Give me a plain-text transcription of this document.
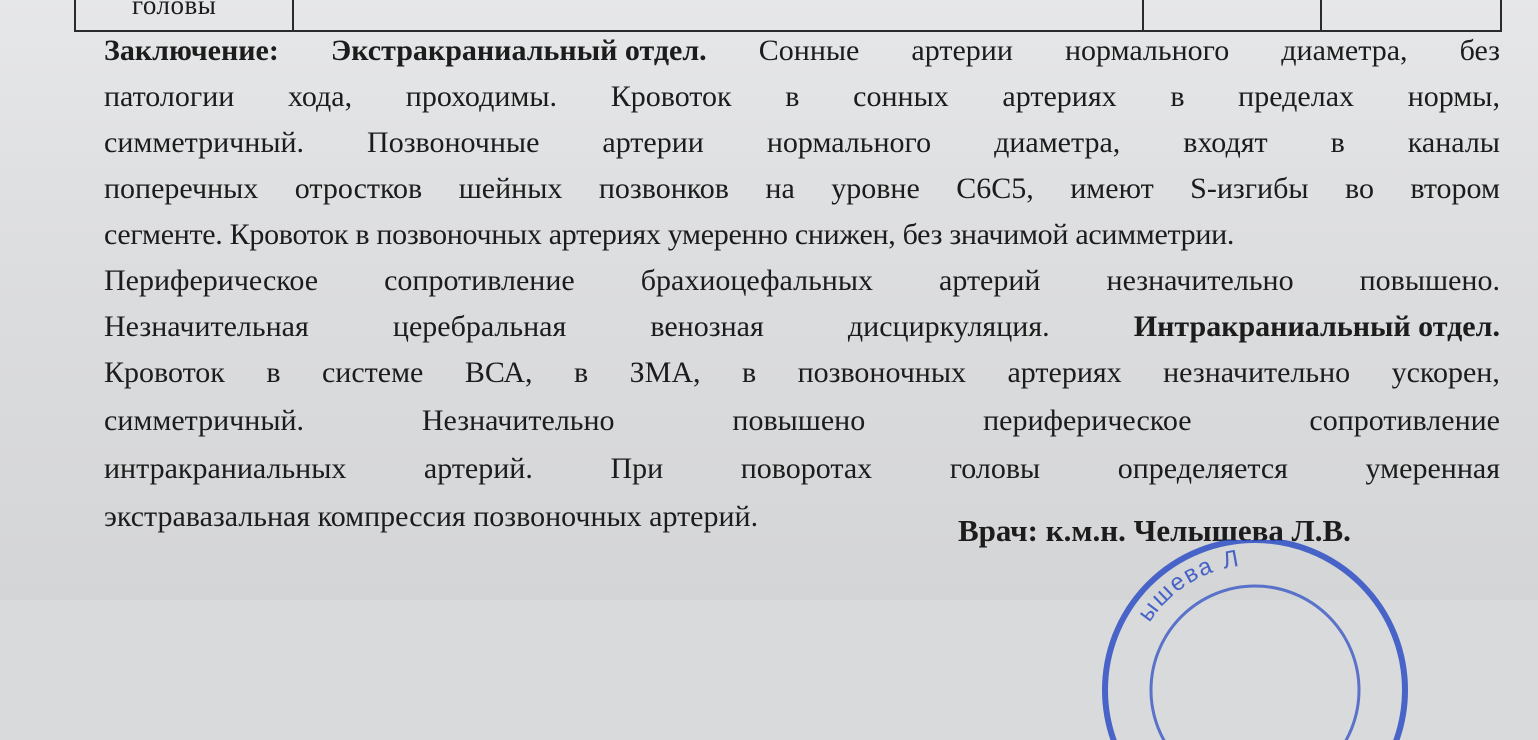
головы
Заключение: Экстракраниальный отдел. Сонные артерии нормального диаметра, без
патологии хода, проходимы. Кровоток в сонных артериях в пределах нормы,
симметричный. Позвоночные артерии нормального диаметра, входят в каналы
поперечных отростков шейных позвонков на уровне С6С5, имеют S-изгибы во втором
сегменте. Кровоток в позвоночных артериях умеренно снижен, без значимой асимметрии.
Периферическое сопротивление брахиоцефальных артерий незначительно повышено.
Незначительная	церебральная	венозная	дисциркуляция.	Интракраниальный отдел.
Кровоток в системе ВСА, в ЗМА, в позвоночных артериях незначительно ускорен,
симметричный.	Незначительно	повышено	периферическое	сопротивление
интракраниальных	артерий.	При	поворотах	головы	определяется	умеренная
экстравазальная компрессия позвоночных артерий.	Врач: к.м.н. Челышева Л.В.
ышева Л
